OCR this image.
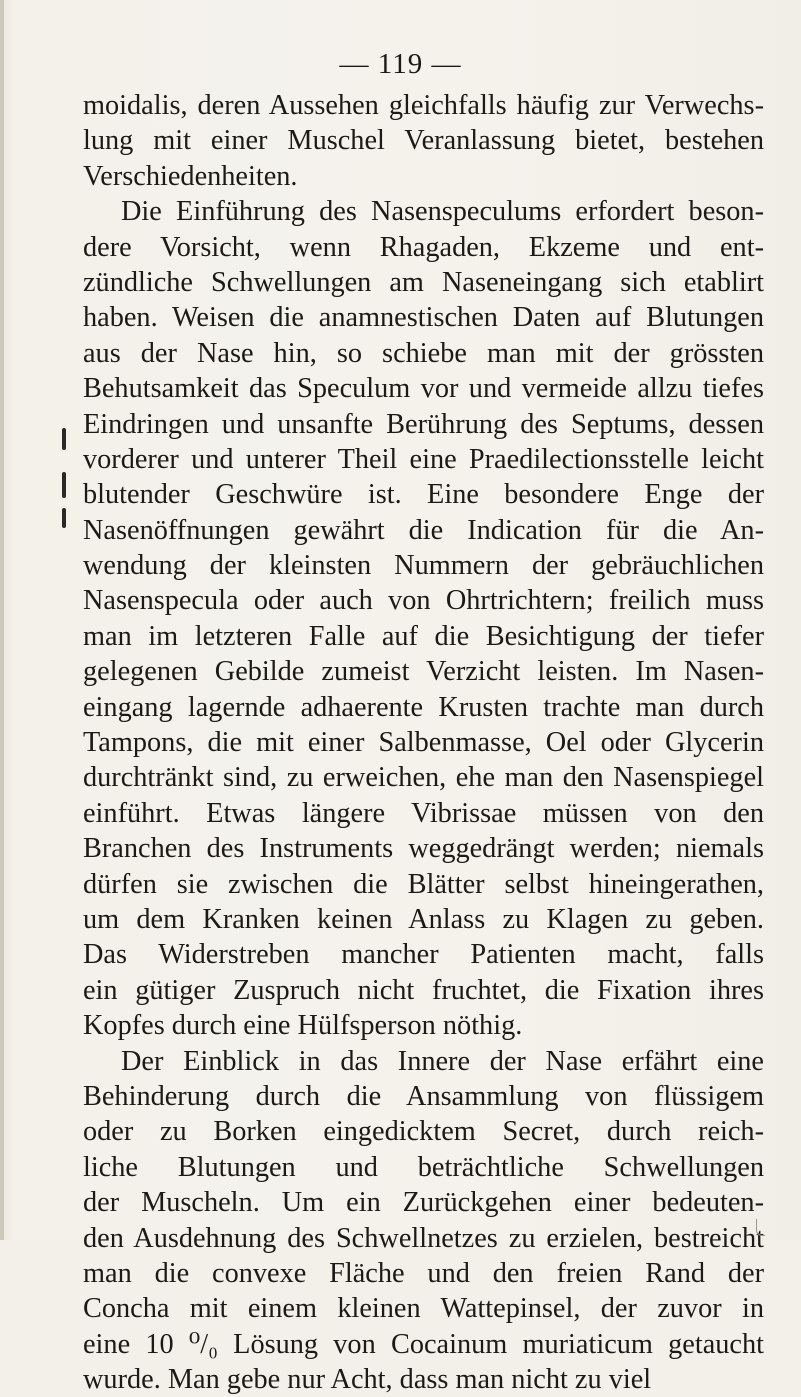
— 119 —
moidalis, deren Aussehen gleichfalls häufig zur Verwechs-
lung mit einer Muschel Veranlassung bietet, bestehen
Verschiedenheiten.
Die Einführung des Nasenspeculums erfordert beson-
dere Vorsicht, wenn Rhagaden, Ekzeme und ent-
zündliche Schwellungen am Naseneingang sich etablirt
haben. Weisen die anamnestischen Daten auf Blutungen
aus der Nase hin, so schiebe man mit der grössten
Behutsamkeit das Speculum vor und vermeide allzu tiefes
Eindringen und unsanfte Berührung des Septums, dessen
vorderer und unterer Theil eine Praedilectionsstelle leicht
blutender Geschwüre ist. Eine besondere Enge der
Nasenöffnungen gewährt die Indication für die An-
wendung der kleinsten Nummern der gebräuchlichen
Nasenspecula oder auch von Ohrtrichtern; freilich muss
man im letzteren Falle auf die Besichtigung der tiefer
gelegenen Gebilde zumeist Verzicht leisten. Im Nasen-
eingang lagernde adhaerente Krusten trachte man durch
Tampons, die mit einer Salbenmasse, Oel oder Glycerin
durchtränkt sind, zu erweichen, ehe man den Nasenspiegel
einführt. Etwas längere Vibrissae müssen von den
Branchen des Instruments weggedrängt werden; niemals
dürfen sie zwischen die Blätter selbst hineingerathen,
um dem Kranken keinen Anlass zu Klagen zu geben.
Das Widerstreben mancher Patienten macht, falls
ein gütiger Zuspruch nicht fruchtet, die Fixation ihres
Kopfes durch eine Hülfsperson nöthig.
Der Einblick in das Innere der Nase erfährt eine
Behinderung durch die Ansammlung von flüssigem
oder zu Borken eingedicktem Secret, durch reich-
liche Blutungen und beträchtliche Schwellungen
der Muscheln. Um ein Zurückgehen einer bedeuten-
den Ausdehnung des Schwellnetzes zu erzielen, bestreicht
man die convexe Fläche und den freien Rand der
Concha mit einem kleinen Wattepinsel, der zuvor in
eine 10 ⁰/₀ Lösung von Cocainum muriaticum getaucht
wurde. Man gebe nur Acht, dass man nicht zu viel
